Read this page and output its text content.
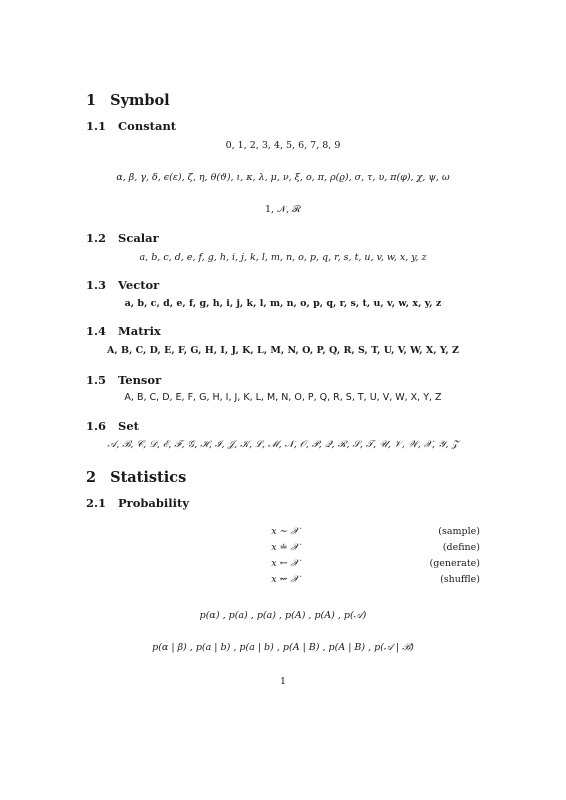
1 Symbol
1.1 Constant
0, 1, 2, 3, 4, 5, 6, 7, 8, 9
α, β, γ, δ, ϵ(ε), ζ, η, θ(ϑ), ι, κ, λ, μ, ν, ξ, ο, π, ρ(ϱ), σ, τ, υ, π(φ), χ, ψ, ω
1, 𝒩, ℛ
1.2 Scalar
a, b, c, d, e, f, g, h, i, j, k, l, m, n, o, p, q, r, s, t, u, v, w, x, y, z
1.3 Vector
a, b, c, d, e, f, g, h, i, j, k, l, m, n, o, p, q, r, s, t, u, v, w, x, y, z
1.4 Matrix
A, B, C, D, E, F, G, H, I, J, K, L, M, N, O, P, Q, R, S, T, U, V, W, X, Y, Z
1.5 Tensor
A, B, C, D, E, F, G, H, I, J, K, L, M, N, O, P, Q, R, S, T, U, V, W, X, Y, Z
1.6 Set
𝒜, ℬ, 𝒞, 𝒟, ℰ, ℱ, 𝒢, ℋ, ℐ, 𝒥, 𝒦, ℒ, ℳ, 𝒩, 𝒪, 𝒫, 𝒬, ℛ, 𝒮, 𝒯, 𝒰, 𝒱, 𝒲, 𝒳, 𝒴, 𝒵
2 Statistics
2.1 Probability
x ∼ 𝒳	(sample)
x ≐ 𝒳	(define)
x ← 𝒳	(generate)
x ⇜ 𝒳	(shuffle)
p(α) , p(a) , p(a) , p(A) , p(A) , p(𝒜)
p(α | β) , p(a | b) , p(a | b) , p(A | B) , p(A | B) , p(𝒜 | ℬ)
1
